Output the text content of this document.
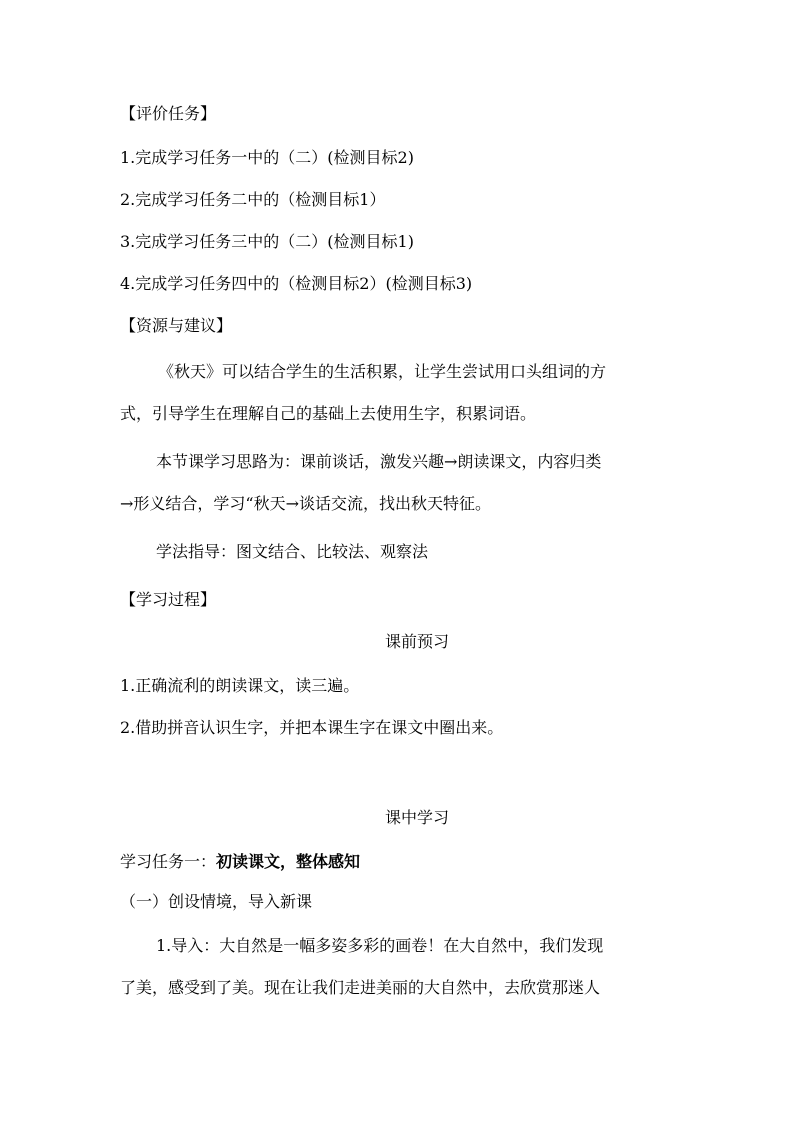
【评价任务】
1.完成学习任务一中的（二）(检测目标2)
2.完成学习任务二中的（检测目标1）
3.完成学习任务三中的（二）(检测目标1)
4.完成学习任务四中的（检测目标2）(检测目标3)
【资源与建议】
《秋天》可以结合学生的生活积累，让学生尝试用口头组词的方
式，引导学生在理解自己的基础上去使用生字，积累词语。
本节课学习思路为：课前谈话，激发兴趣→朗读课文，内容归类
→形义结合，学习“秋天→谈话交流，找出秋天特征。
学法指导：图文结合、比较法、观察法
【学习过程】
课前预习
1.正确流利的朗读课文，读三遍。
2.借助拼音认识生字，并把本课生字在课文中圈出来。
课中学习
学习任务一：初读课文，整体感知
（一）创设情境，导入新课
1.导入：大自然是一幅多姿多彩的画卷！在大自然中，我们发现
了美，感受到了美。现在让我们走进美丽的大自然中，去欣赏那迷人
